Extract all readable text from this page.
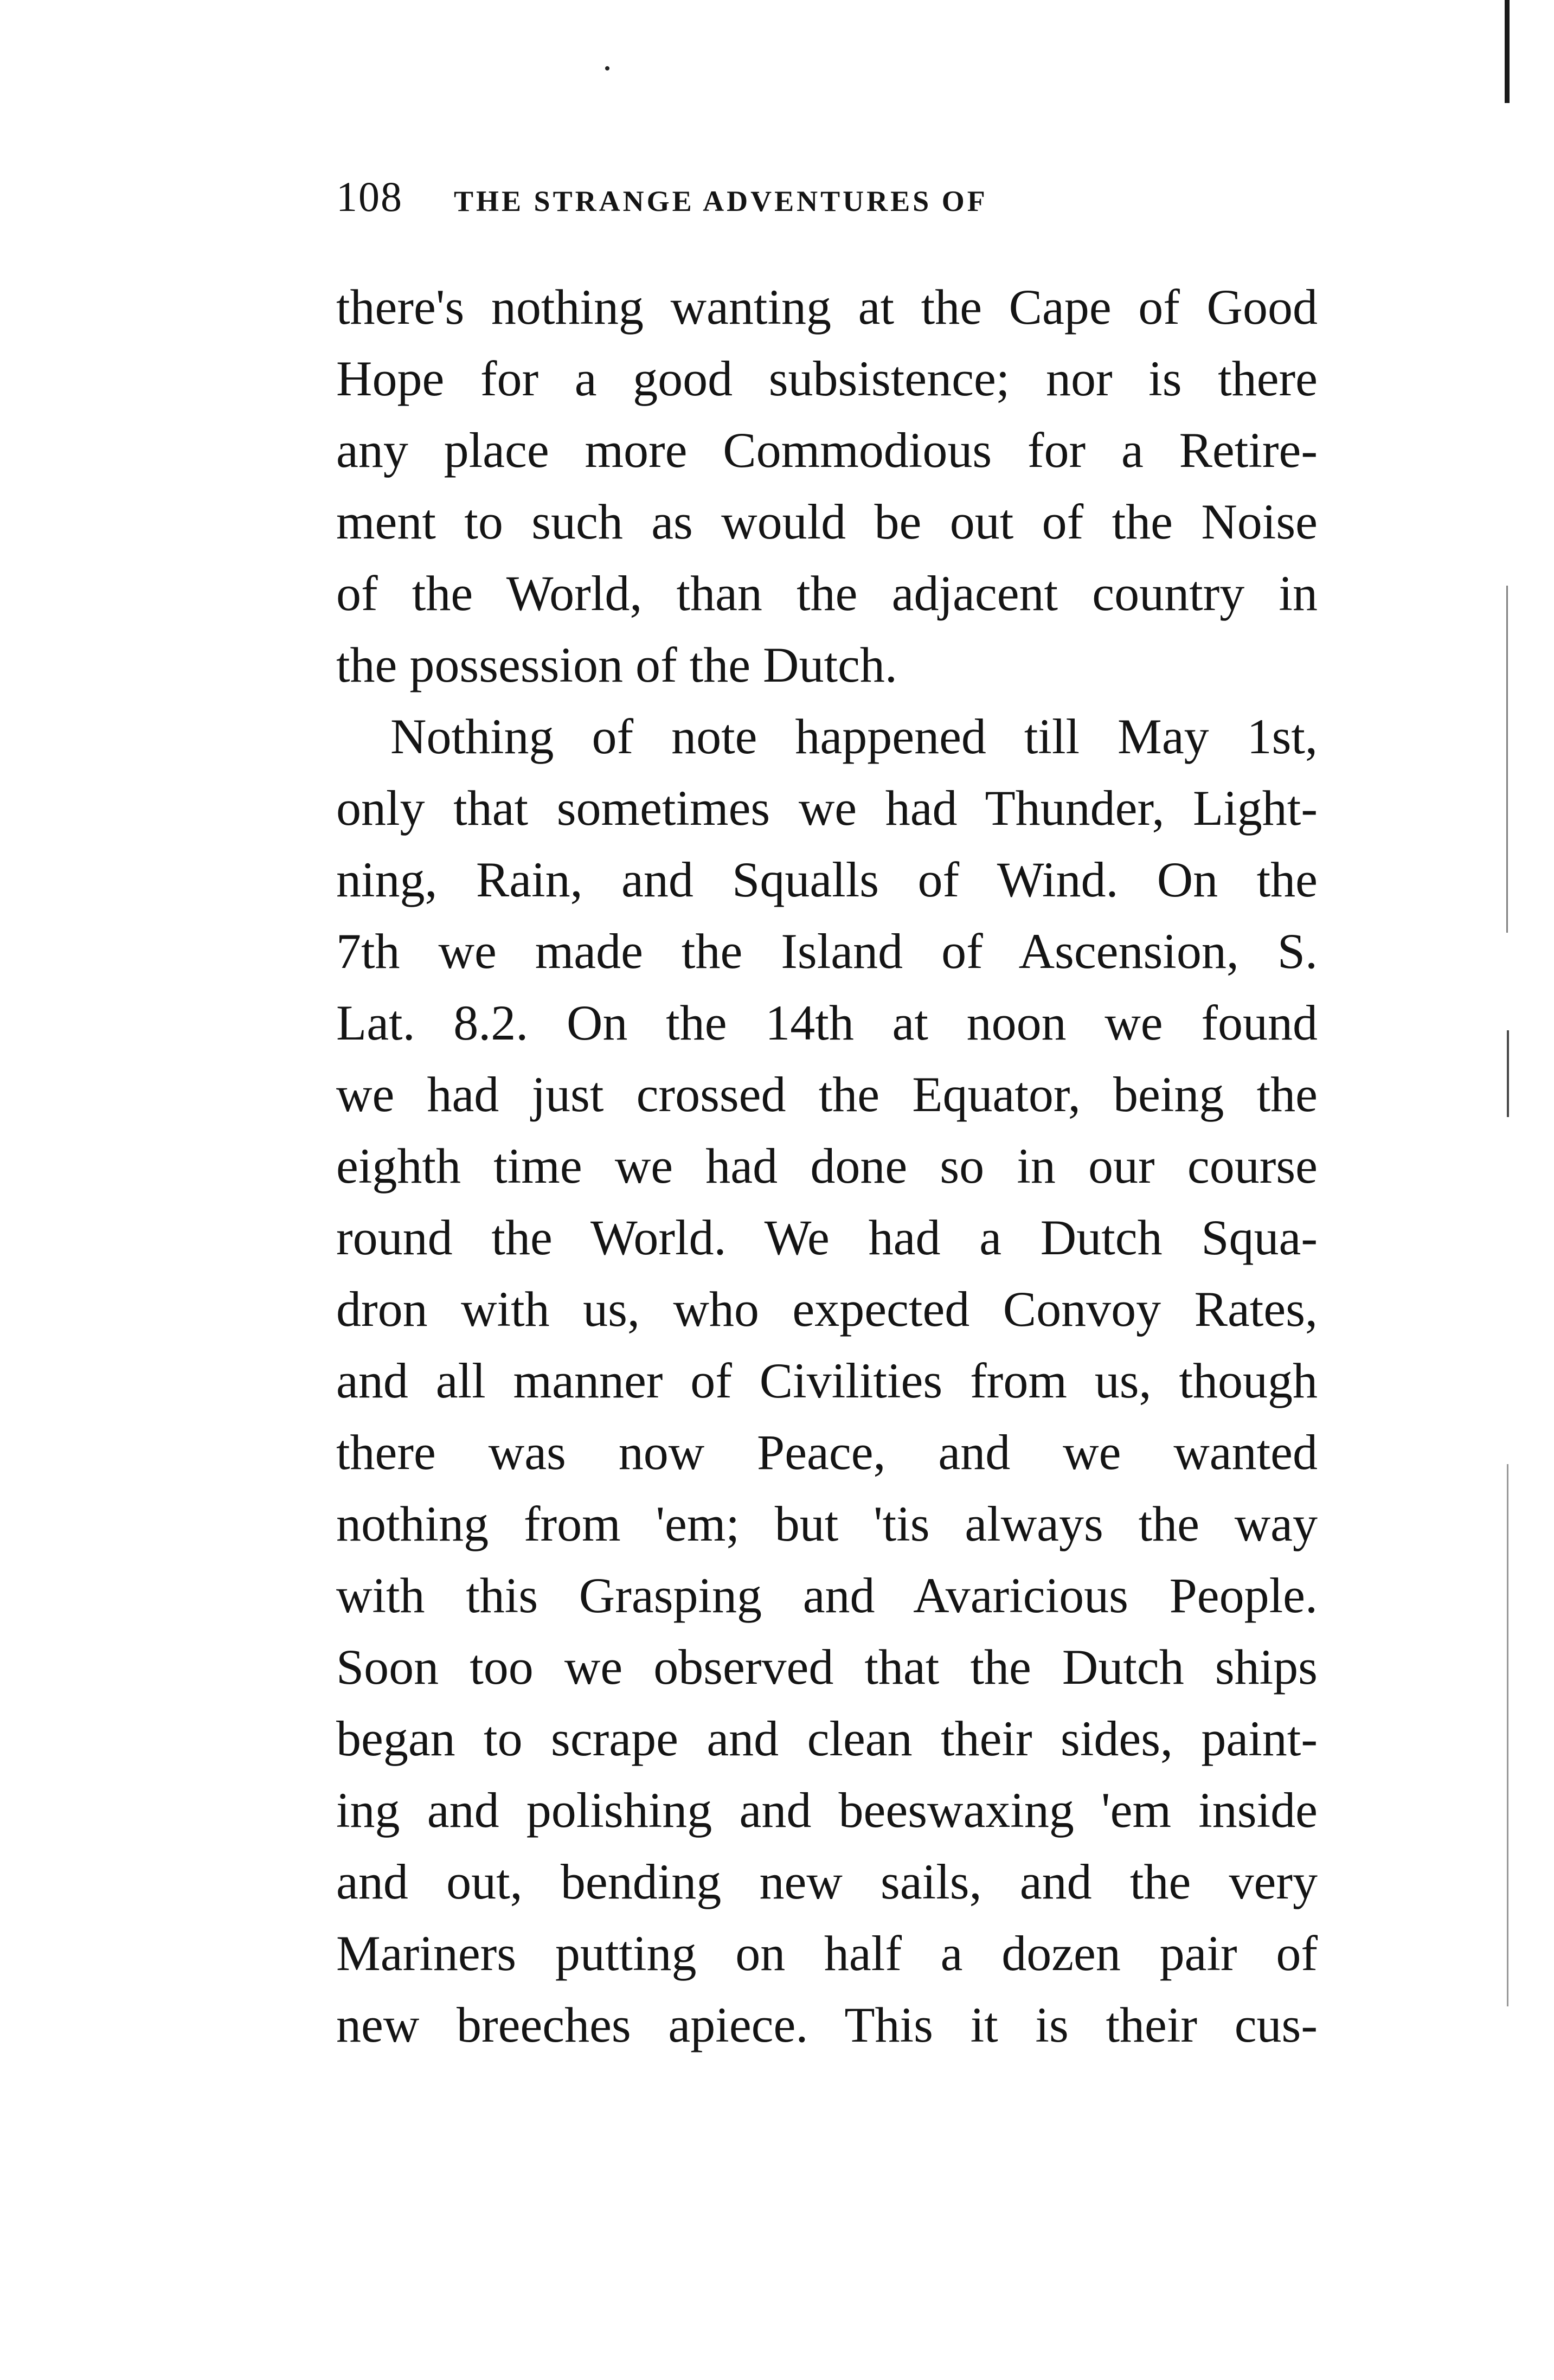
108 THE STRANGE ADVENTURES OF
there's nothing wanting at the Cape of Good
Hope for a good subsistence; nor is there
any place more Commodious for a Retire-
ment to such as would be out of the Noise
of the World, than the adjacent country in
the possession of the Dutch.
Nothing of note happened till May 1st,
only that sometimes we had Thunder, Light-
ning, Rain, and Squalls of Wind. On the
7th we made the Island of Ascension, S.
Lat. 8.2. On the 14th at noon we found
we had just crossed the Equator, being the
eighth time we had done so in our course
round the World. We had a Dutch Squa-
dron with us, who expected Convoy Rates,
and all manner of Civilities from us, though
there was now Peace, and we wanted
nothing from 'em; but 'tis always the way
with this Grasping and Avaricious People.
Soon too we observed that the Dutch ships
began to scrape and clean their sides, paint-
ing and polishing and beeswaxing 'em inside
and out, bending new sails, and the very
Mariners putting on half a dozen pair of
new breeches apiece. This it is their cus-
